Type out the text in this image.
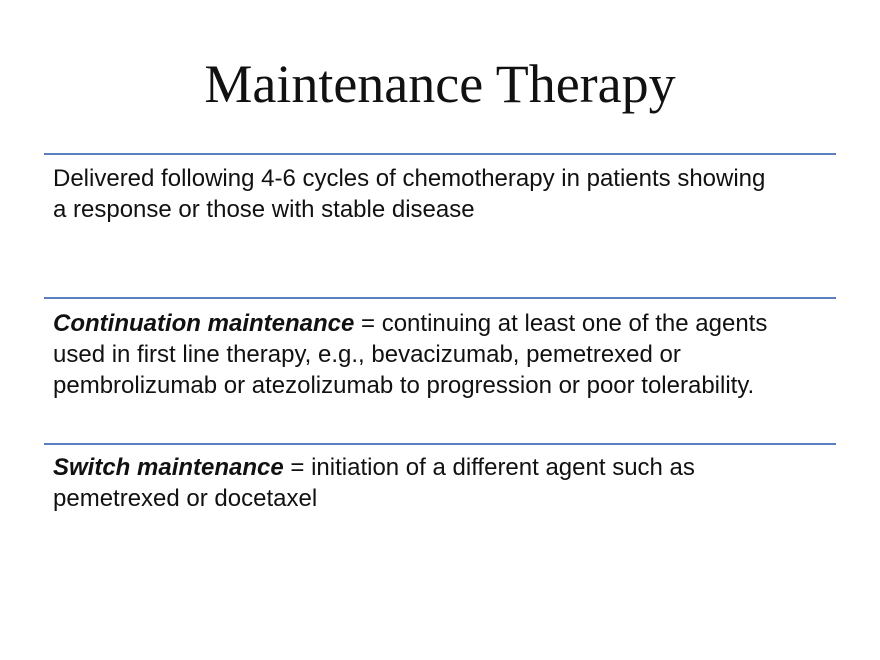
Maintenance Therapy
Delivered following 4-6 cycles of chemotherapy in patients showing
a response or those with stable disease
Continuation maintenance = continuing at least one of the agents
used in first line therapy, e.g., bevacizumab, pemetrexed or
pembrolizumab or atezolizumab to progression or poor tolerability.
Switch maintenance = initiation of a different agent such as
pemetrexed or docetaxel
